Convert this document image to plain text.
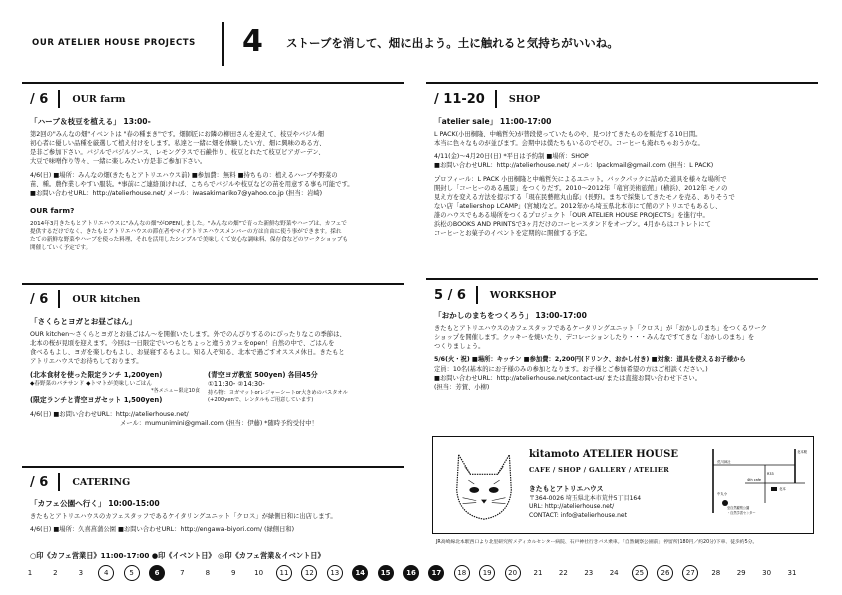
OUR ATELIER HOUSE PROJECTS 4 ストーブを消して、畑に出よう。土に触れると気持ちがいいね。
/ 6	OUR farm
「ハーブ＆枝豆を植える」 13:00-

第2回の"みんなの畑"イベントは "春の種まき"です。畑師匠にお隣の柳田さんを迎えて、枝豆やバジル畑

初心者に優しい品種を厳選して植え付けをします。私達と一緒に畑を体験したい方、畑に興味のある方、

是非ご参加下さい。バジルでバジルソース、レモングラスで石鹸作り、枝豆とれたて枝豆ピアガーデン、

大豆で味噌作り等々、一緒に楽しみたい方是非ご参加下さい。

4/6(日) ■場所：みんなの畑(きたもとアトリエハウス前) ■参加費：無料 ■持ちもの：植えるハーブや野菜の

苗、種。農作業しやすい服装。*事前にご連絡頂ければ、こちらでバジルや枝豆などの苗を用意する事も可能です。

■お問い合わせURL：http://atelierhouse.net/ メール：iwasakimariko7@yahoo.co.jp (担当：岩崎)

OUR farm?

2014年3月きたもとアトリエハウスに"みんなの畑"がOPENしました。"みんなの畑"で育った新鮮な野菜やハーブは、カフェで

提供するだけでなく、きたもとアトリエハウスの滞在者やマイアトリエハウスメンバーの方は自由に使う事ができます。採れ

たての新鮮な野菜やハーブを使った料理、それを活用したシンプルで美味しくて安心な調味料、保存食などのワークショップも

開催していく予定です。

/ 6	OUR kitchen
「さくらとヨガとお昼ごはん」

OUR kitchen〜さくらとヨガとお昼ごはん〜を開催いたします。外でのんびりするのにぴったりなこの季節は、

北本の桜が見頃を迎えます。今回は一日限定でいつもとちょっと違うカフェをopen！自然の中で、ごはんを

食べるもよし、ヨガを楽しむもよし、お昼寝するもよし。知る人ぞ知る、北本で過ごすオススメ休日。きたもと

アトリエハウスでお待ちしております。

(北本食材を使った限定ランチ 1,200yen)

◆春野菜のパテサンド ◆トマトが美味しいごはん

*各メニュー限定10食

(限定ランチと青空ヨガセット 1,500yen)

(青空ヨガ教室 500yen) 各回45分

①11:30- ②14:30-

持ち物：ヨガマットorレジャーシートor大きめのバスタオル

(+200yenで、レンタルもご用意しています)

4/6(日) ■お問い合わせURL：http://atelierhouse.net/

メール：mumunimini@gmail.com (担当：伊藤) *随時予約受付中！

/ 6	CATERING
「カフェ公園へ行く」 10:00-15:00

きたもとアトリエハウスのカフェスタッフであるケイタリングユニット「クロス」が緑側日和に出店します。

4/6(日) ■場所：久喜菖蒲公園 ■お問い合わせURL：http://engawa-biyori.com/ (緑側日和)

/ 11-20	SHOP
「atelier sale」 11:00-17:00

L PACK(小田桐隆、中嶋哲矢)が普段使っていたものや、見つけてきたものを販売する10日間。

本当に色々なものが並びます。会期中は僕たちもいるのでゼひ。コーヒーも淹れちゃおうかな。

4/11(金)〜4月20日(日) *平日は予約制 ■場所：SHOP

■お問い合わせURL：http://atelierhouse.net/ メール：lpackmail@gmail.com (担当：L PACK)

プロフィール：L PACK 小田桐隆と中嶋哲矢によるユニット。バックパックに詰めた道具を様々な場所で

開封し「コーヒーのある風景」をつくりだす。2010〜2012年「竜宮美術旅館」(横浜)、2012年 モノの

見え方を変える方法を提示する「現在民藝館丸山邸」(長野)。まちで採集してきたモノを売る、ありそうで

ない店「ateliershop LCAMP」(宮城)など。2012年から埼玉県北本市にて館のアトリエでもあるし、

誰のハウスでもある場所をつくるプロジェクト「OUR ATELIER HOUSE PROJECTS」を進行中。

浜松のBOOKS AND PRINTSで3ヶ月だけのコーヒースタンドをオープン。4月からはコトレトにて

コーヒーとお菓子のイベントを定期的に開催する予定。

5 / 6	WORKSHOP
「おかしのまちをつくろう」 13:00-17:00

きたもとアトリエハウスのカフェスタッフであるケータリングユニット「クロス」が「おかしのまち」をつくるワーク

ショップを開催します。クッキーを焼いたり、デコレーションしたり・・・みんなですてきな「おかしのまち」を

つくりましょう。

5/6(火・祝) ■場所：キッチン ■参加費：2,200円(ドリンク、おかし付き) ■対象：道具を使えるお子様から

定員：10名(基本的にお子様のみの参加となります。お子様とご参加希望の方はご相談ください。)

■お問い合わせURL：http://atelierhouse.net/contact-us/ または直接お問い合わせ下さい。

(担当：芳賀、小柳)

kitamoto ATELIER HOUSE
CAFE / SHOP / GALLERY / ATELIER
きたもとアトリエハウス
〒364-0026 埼玉県北本市荒井5丁目164
URL: http://atelierhouse.net/
CONTACT: info@atelierhouse.net
北本駅
荒川神社
R33
4th cafe
北本
中丸小
至自然観察公園
・自然学習センター
JR高崎線北本駅西口より北里研究所メディカルセンター病院、石戸神社行きバス乗車。「自然観察公園前」停留所(180円／約20分)下車、徒歩約5分。
○印《カフェ営業日》11:00-17:00 ●印《イベント日》 ◎印《カフェ営業＆イベント日》
1	2	3	4	5	6	7	8	9	10	11	12	13	14	15	16	17	18	19	20	21	22	23	24	25	26	27	28	29	30	31
